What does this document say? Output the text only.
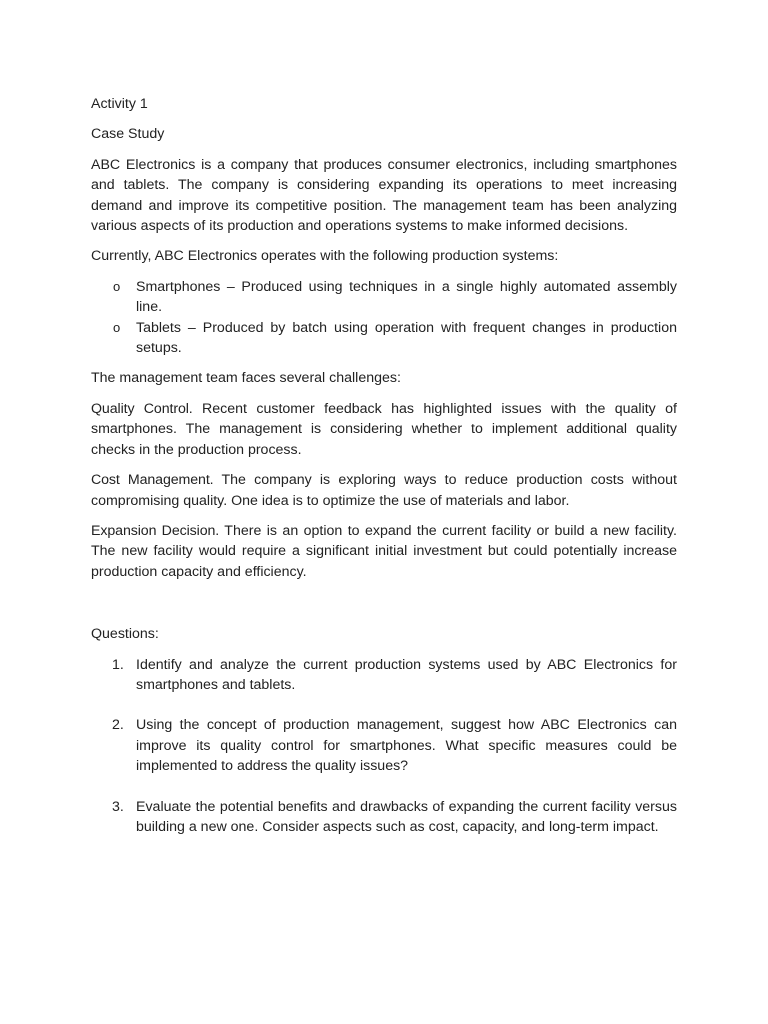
Activity 1

Case Study

ABC Electronics is a company that produces consumer electronics, including smartphones and tablets. The company is considering expanding its operations to meet increasing demand and improve its competitive position. The management team has been analyzing various aspects of its production and operations systems to make informed decisions.

Currently, ABC Electronics operates with the following production systems:

o Smartphones – Produced using techniques in a single highly automated assembly line.
o Tablets – Produced by batch using operation with frequent changes in production setups.

The management team faces several challenges:

Quality Control. Recent customer feedback has highlighted issues with the quality of smartphones. The management is considering whether to implement additional quality checks in the production process.

Cost Management. The company is exploring ways to reduce production costs without compromising quality. One idea is to optimize the use of materials and labor.

Expansion Decision. There is an option to expand the current facility or build a new facility. The new facility would require a significant initial investment but could potentially increase production capacity and efficiency.

Questions:

1. Identify and analyze the current production systems used by ABC Electronics for smartphones and tablets.
2. Using the concept of production management, suggest how ABC Electronics can improve its quality control for smartphones. What specific measures could be implemented to address the quality issues?
3. Evaluate the potential benefits and drawbacks of expanding the current facility versus building a new one. Consider aspects such as cost, capacity, and long-term impact.
